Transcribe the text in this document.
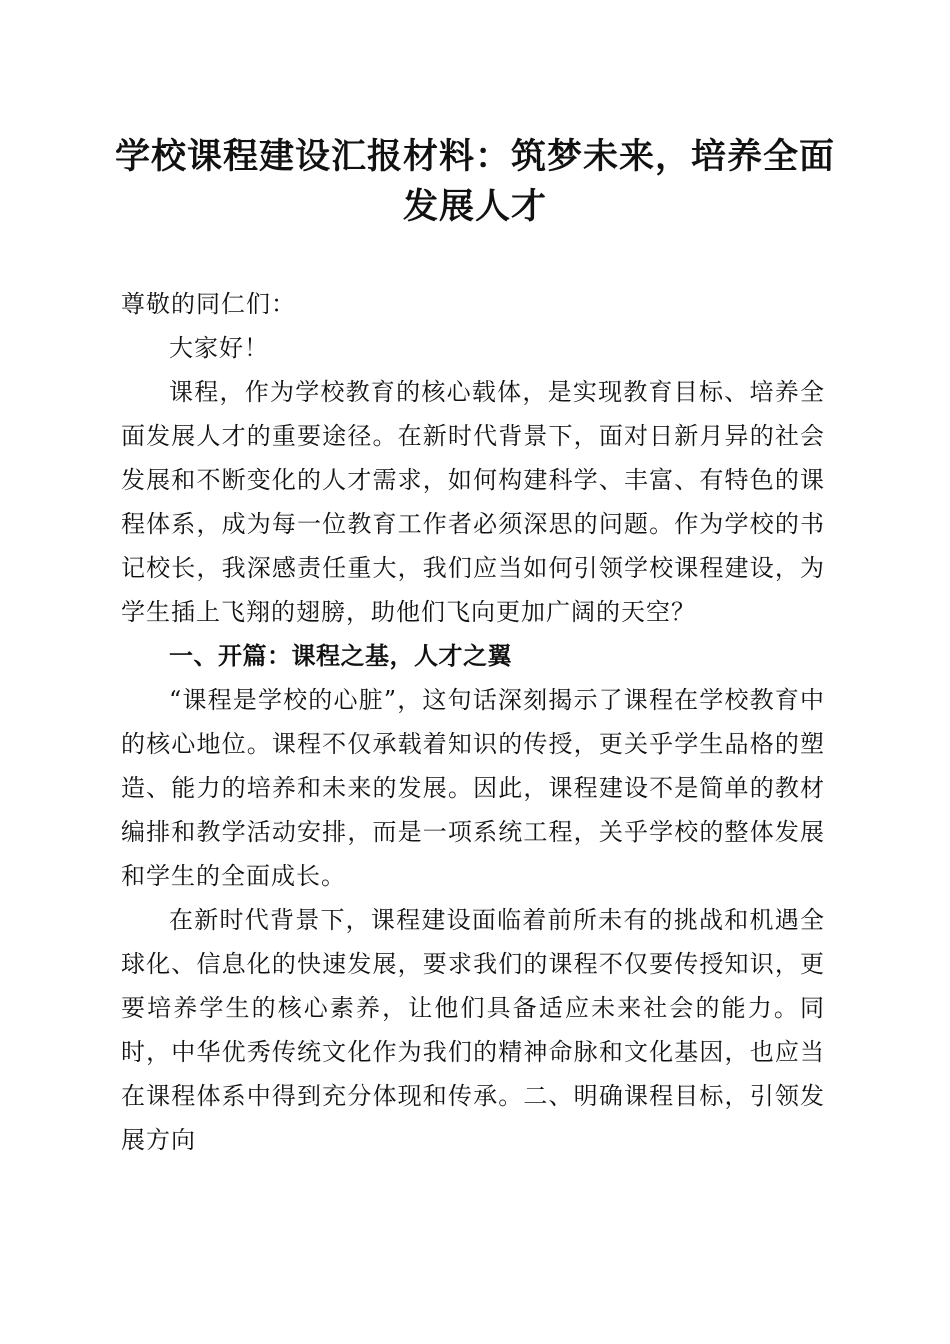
学校课程建设汇报材料：筑梦未来，培养全面发展人才

尊敬的同仁们：

大家好！

课程，作为学校教育的核心载体，是实现教育目标、培养全面发展人才的重要途径。在新时代背景下，面对日新月异的社会发展和不断变化的人才需求，如何构建科学、丰富、有特色的课程体系，成为每一位教育工作者必须深思的问题。作为学校的书记校长，我深感责任重大，我们应当如何引领学校课程建设，为学生插上飞翔的翅膀，助他们飞向更加广阔的天空？

一、开篇：课程之基，人才之翼

“课程是学校的心脏”，这句话深刻揭示了课程在学校教育中的核心地位。课程不仅承载着知识的传授，更关乎学生品格的塑造、能力的培养和未来的发展。因此，课程建设不是简单的教材编排和教学活动安排，而是一项系统工程，关乎学校的整体发展和学生的全面成长。

在新时代背景下，课程建设面临着前所未有的挑战和机遇全球化、信息化的快速发展，要求我们的课程不仅要传授知识，更要培养学生的核心素养，让他们具备适应未来社会的能力。同时，中华优秀传统文化作为我们的精神命脉和文化基因，也应当在课程体系中得到充分体现和传承。二、明确课程目标，引领发展方向
